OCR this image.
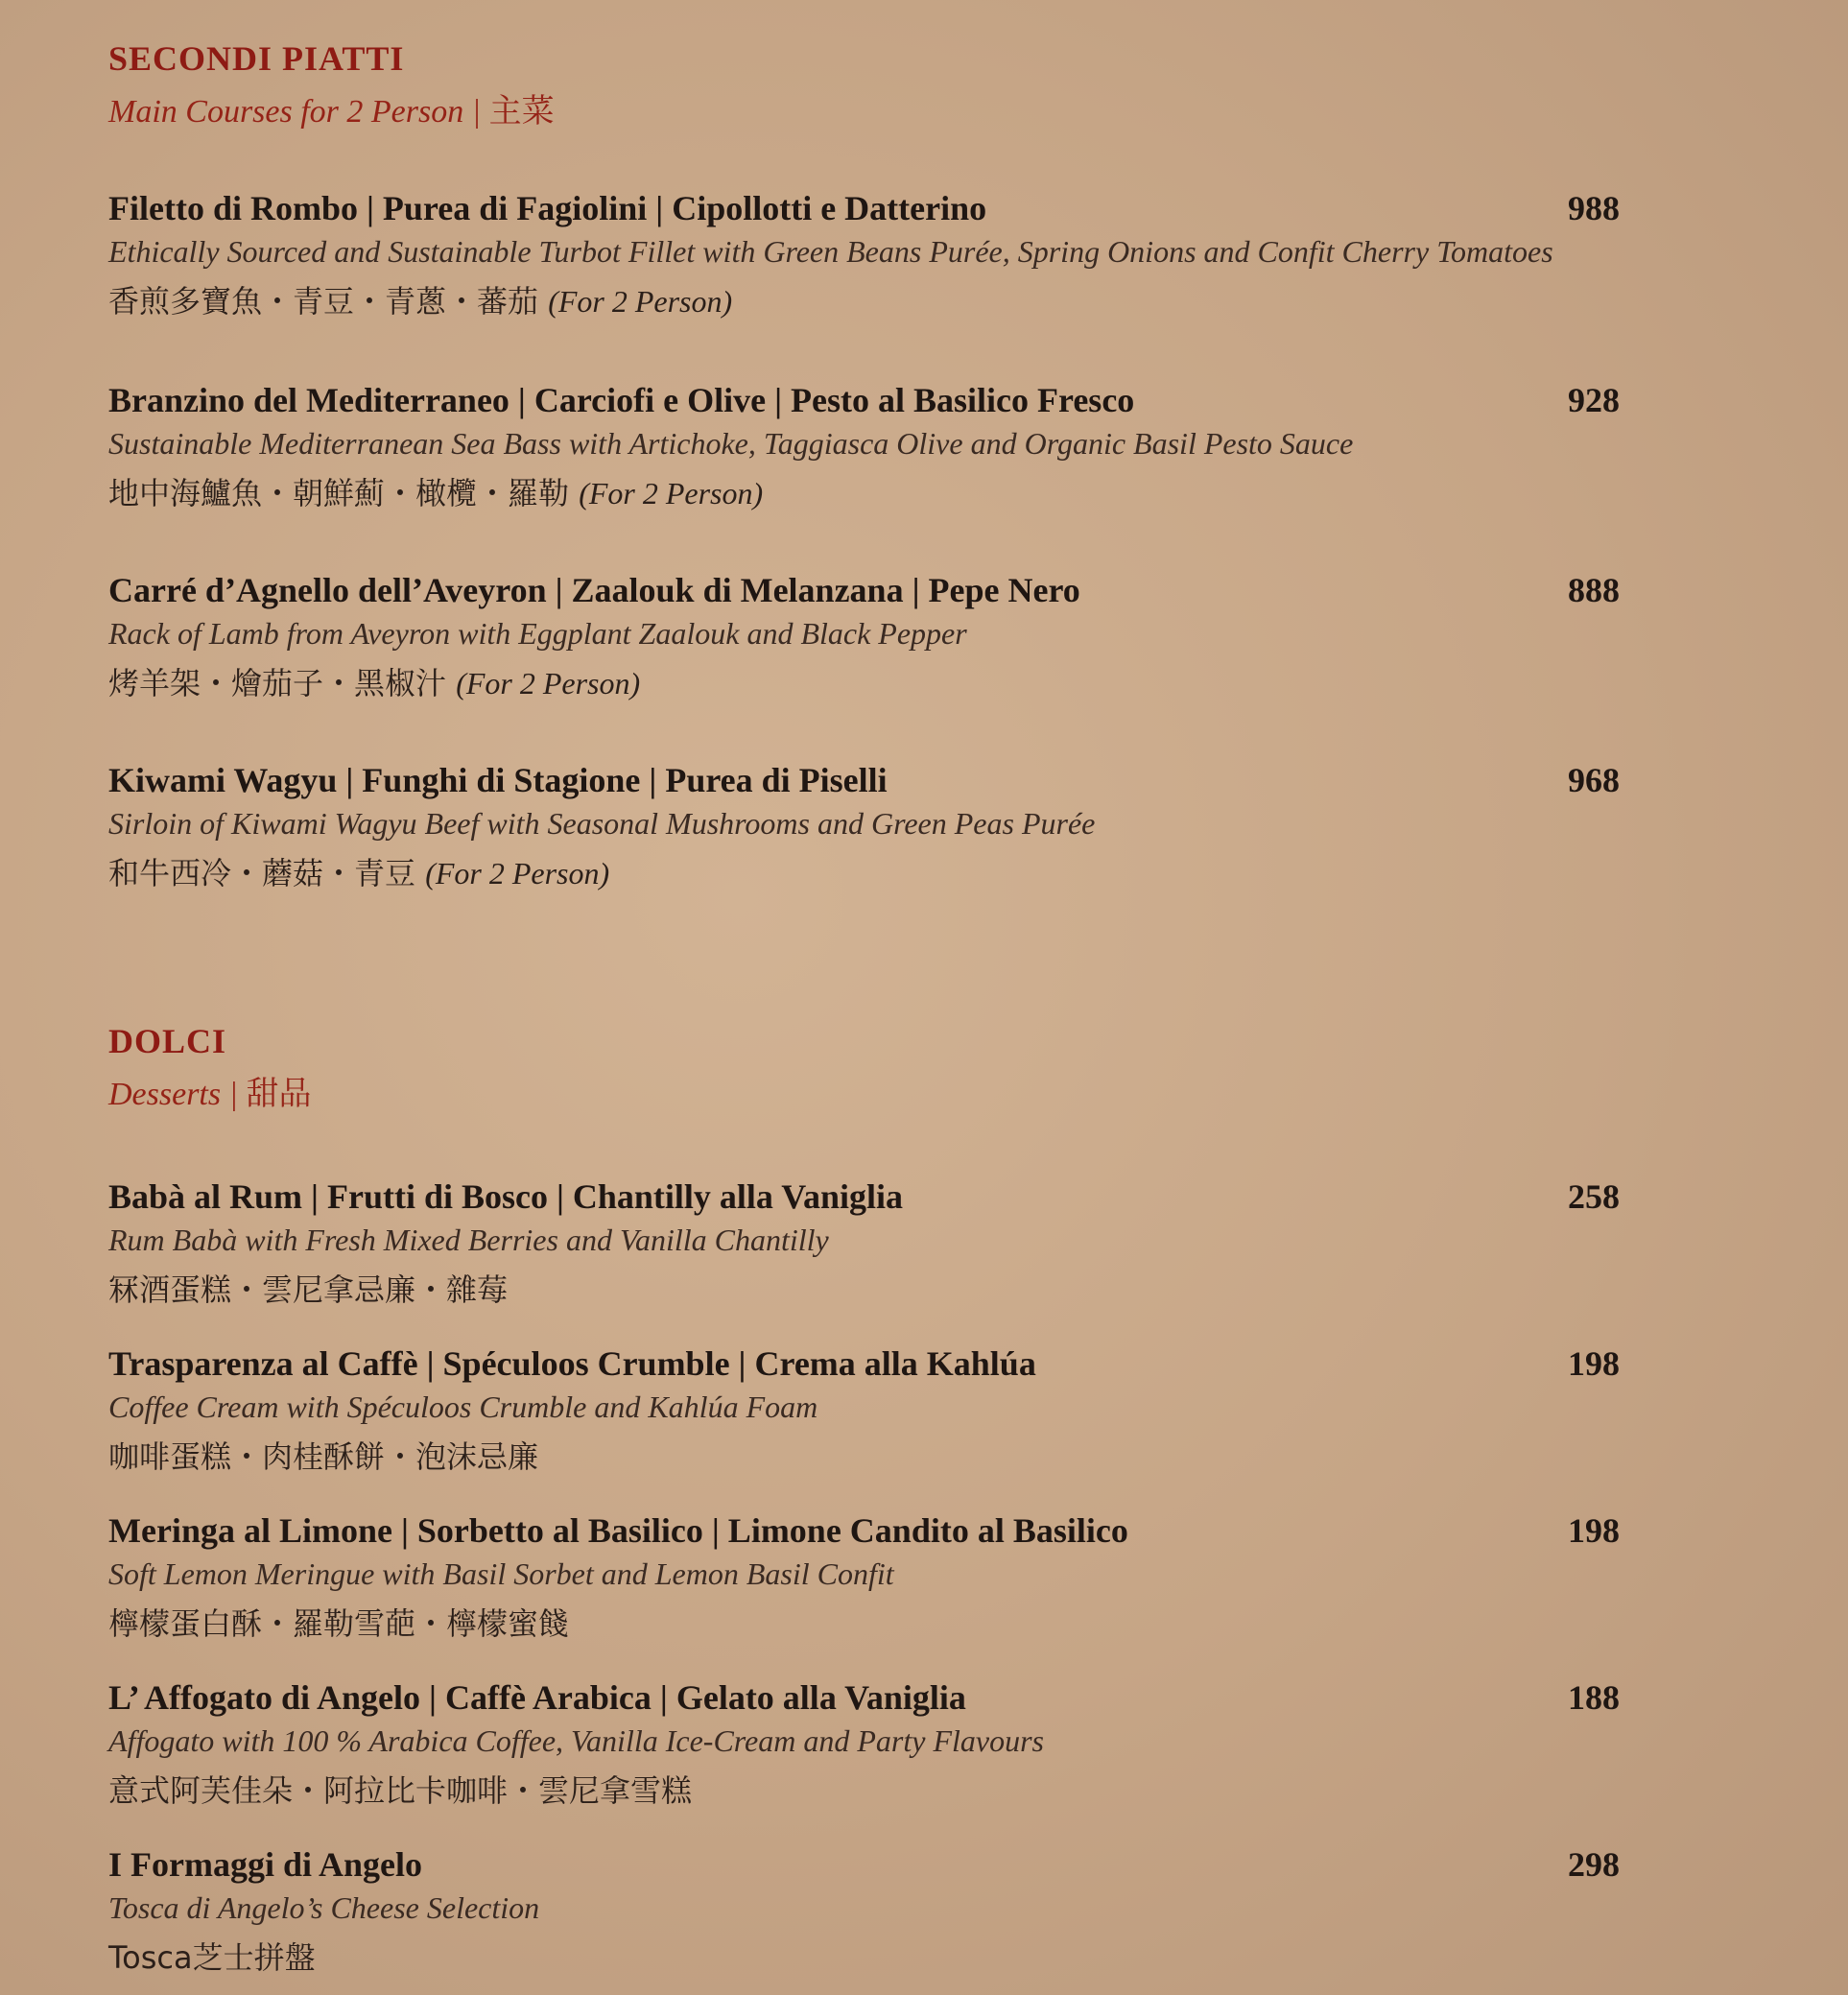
SECONDI PIATTI
Main Courses for 2 Person | 主菜
Filetto di Rombo | Purea di Fagiolini | Cipollotti e Datterino
Ethically Sourced and Sustainable Turbot Fillet with Green Beans Purée, Spring Onions and Confit Cherry Tomatoes
香煎多寶魚・青豆・青蔥・蕃茄 (For 2 Person)
988
Branzino del Mediterraneo | Carciofi e Olive | Pesto al Basilico Fresco
Sustainable Mediterranean Sea Bass with Artichoke, Taggiasca Olive and Organic Basil Pesto Sauce
地中海鱸魚・朝鮮薊・橄欖・羅勒 (For 2 Person)
928
Carré d’Agnello dell’Aveyron | Zaalouk di Melanzana | Pepe Nero
Rack of Lamb from Aveyron with Eggplant Zaalouk and Black Pepper
烤羊架・燴茄子・黑椒汁 (For 2 Person)
888
Kiwami Wagyu | Funghi di Stagione | Purea di Piselli
Sirloin of Kiwami Wagyu Beef with Seasonal Mushrooms and Green Peas Purée
和牛西冷・蘑菇・青豆 (For 2 Person)
968
DOLCI
Desserts | 甜品
Babà al Rum | Frutti di Bosco | Chantilly alla Vaniglia
Rum Babà with Fresh Mixed Berries and Vanilla Chantilly
冧酒蛋糕・雲尼拿忌廉・雜莓
258
Trasparenza al Caffè | Spéculoos Crumble | Crema alla Kahlúa
Coffee Cream with Spéculoos Crumble and Kahlúa Foam
咖啡蛋糕・肉桂酥餅・泡沫忌廉
198
Meringa al Limone | Sorbetto al Basilico | Limone Candito al Basilico
Soft Lemon Meringue with Basil Sorbet and Lemon Basil Confit
檸檬蛋白酥・羅勒雪葩・檸檬蜜餞
198
L’ Affogato di Angelo | Caffè Arabica | Gelato alla Vaniglia
Affogato with 100 % Arabica Coffee, Vanilla Ice-Cream and Party Flavours
意式阿芙佳朵・阿拉比卡咖啡・雲尼拿雪糕
188
I Formaggi di Angelo
Tosca di Angelo’s Cheese Selection
Tosca芝士拼盤
298
